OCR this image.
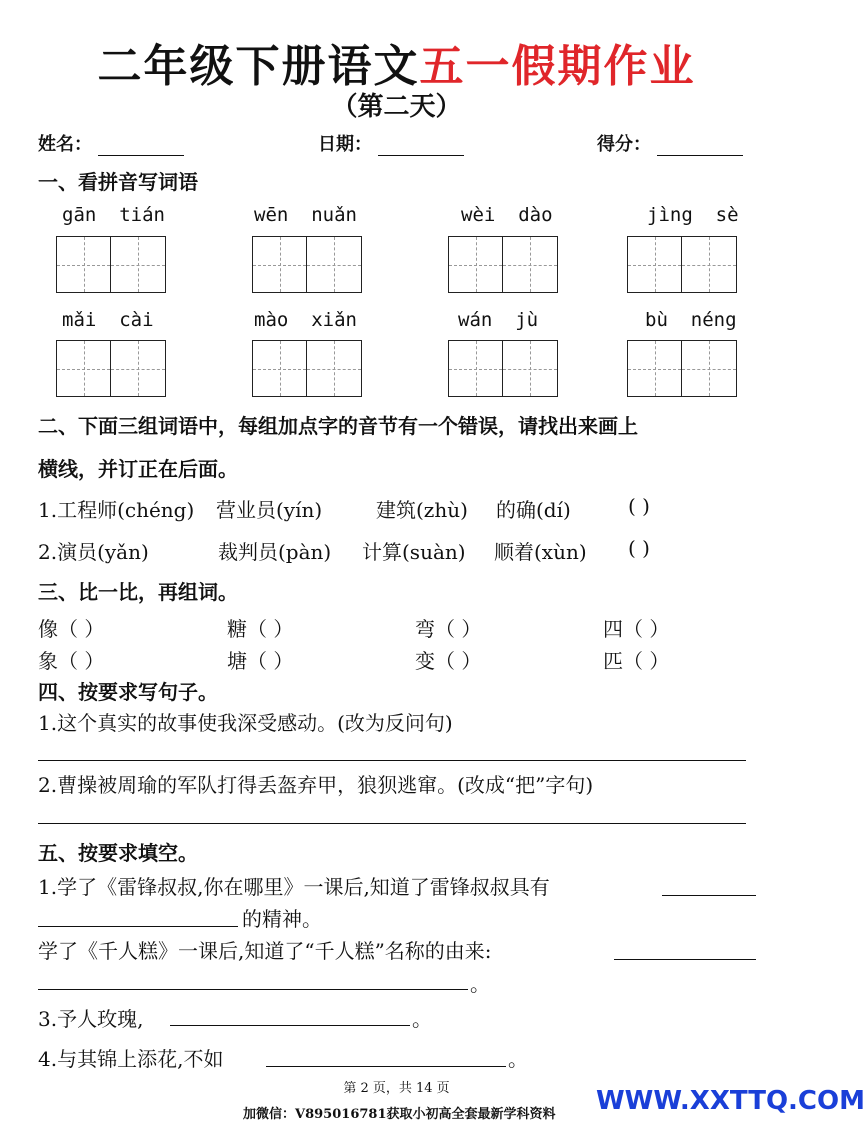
二年级下册语文五一假期作业
（第二天）
姓名：	日期：	得分：
一、看拼音写词语
gān  tián	wēn  nuǎn	wèi  dào	jìng  sè
mǎi  cài	mào  xiǎn	wán  jù	bù  néng
二、下面三组词语中，每组加点字的音节有一个错误，请找出来画上
横线，并订正在后面。
1.工程师(chéng) 营业员(yín)	建筑(zhù) 的确(dí)	( )
2.演员(yǎn)	裁判员(pàn) 计算(suàn) 顺着(xùn) ( )
三、比一比，再组词。
像（ ）	糖（ ）	弯（ ）	四（ ）
象（ ）	塘（ ）	变（ ）	匹（ ）
四、按要求写句子。
1.这个真实的故事使我深受感动。(改为反问句)
2.曹操被周瑜的军队打得丢盔弃甲，狼狈逃窜。(改成“把”字句)
五、按要求填空。
1.学了《雷锋叔叔,你在哪里》一课后,知道了雷锋叔叔具有
的精神。
学了《千人糕》一课后,知道了“千人糕”名称的由来:
。
3.予人玫瑰,	。
4.与其锦上添花,不如	。
第 2 页，共 14 页
加微信：V895016781获取小初高全套最新学科资料 WWW.XXTTQ.COM
